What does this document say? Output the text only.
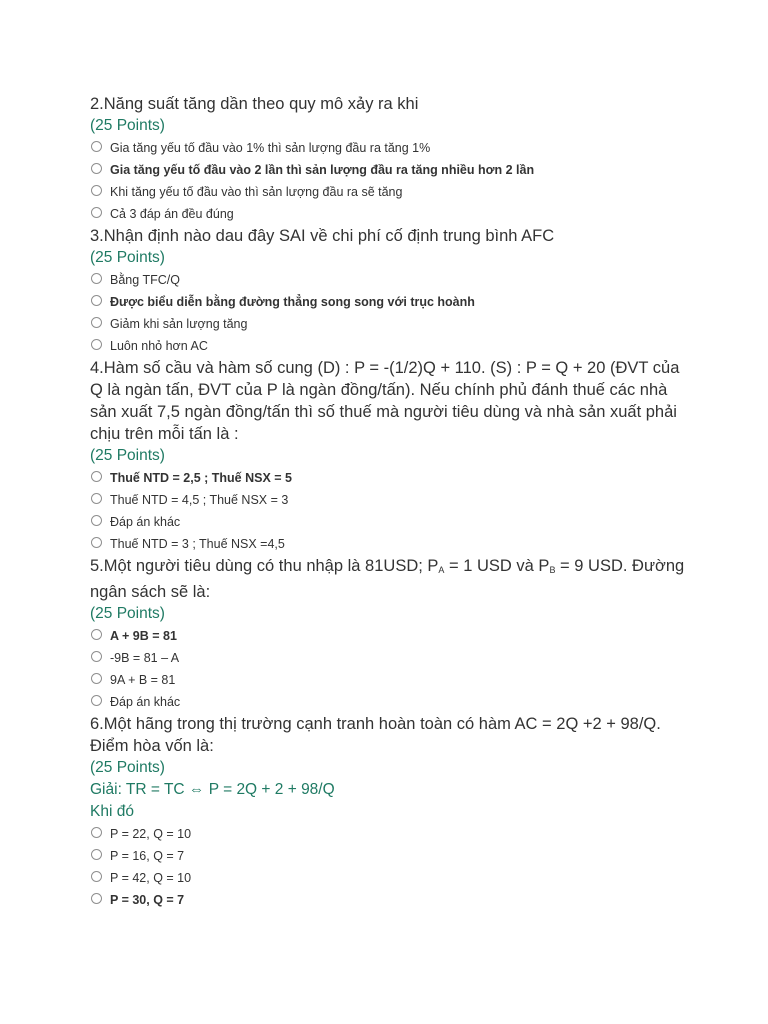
2.Năng suất tăng dần theo quy mô xảy ra khi

(25 Points)

Gia tăng yếu tố đầu vào 1% thì sản lượng đầu ra tăng 1%
Gia tăng yếu tố đầu vào 2 lần thì sản lượng đầu ra tăng nhiều hơn 2 lần
Khi tăng yếu tố đầu vào thì sản lượng đầu ra sẽ tăng
Cả 3 đáp án đều đúng

3.Nhận định nào dau đây SAI về chi phí cố định trung bình AFC

(25 Points)

Bằng TFC/Q
Được biểu diễn bằng đường thẳng song song với trục hoành
Giảm khi sản lượng tăng
Luôn nhỏ hơn AC

4.Hàm số cầu và hàm số cung (D) : P = -(1/2)Q + 110. (S) : P = Q + 20 (ĐVT của Q là ngàn tấn, ĐVT của P là ngàn đồng/tấn). Nếu chính phủ đánh thuế các nhà sản xuất 7,5 ngàn đồng/tấn thì số thuế mà người tiêu dùng và nhà sản xuất phải chịu trên mỗi tấn là :

(25 Points)

Thuế NTD = 2,5 ; Thuế NSX = 5
Thuế NTD = 4,5 ; Thuế NSX = 3
Đáp án khác
Thuế NTD = 3 ; Thuế NSX =4,5

5.Một người tiêu dùng có thu nhập là 81USD; $P_A = 1$ USD và $P_B = 9$ USD. Đường ngân sách sẽ là:

(25 Points)

A + 9B = 81
-9B = 81 – A
9A + B = 81
Đáp án khác

6.Một hãng trong thị trường cạnh tranh hoàn toàn có hàm AC = 2Q +2 + 98/Q. Điểm hòa vốn là:

(25 Points)

Giải: TR = TC ⇔ P = 2Q + 2 + 98/Q

Khi đó

P = 22, Q = 10
P = 16, Q = 7
P = 42, Q = 10
P = 30, Q = 7
